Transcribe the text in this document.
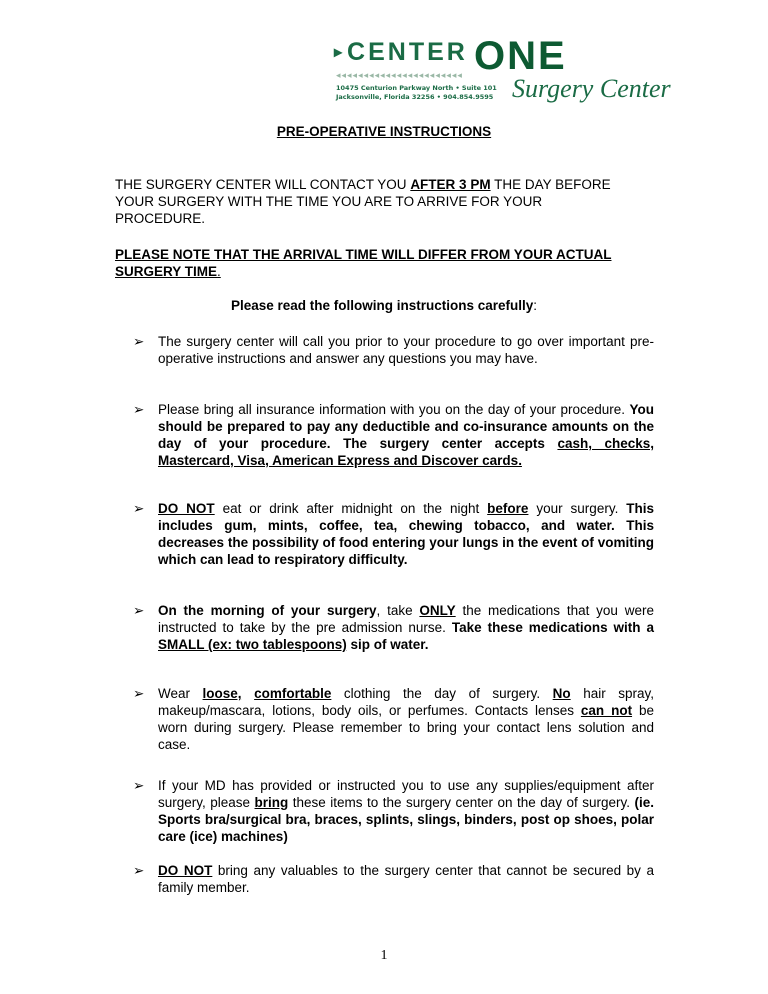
▸CENTER ONE
◂◂◂◂◂◂◂◂◂◂◂◂◂◂◂◂◂◂◂◂◂◂◂
10475 Centurion Parkway North • Suite 101
Jacksonville, Florida 32256 • 904.854.9595 Surgery Center
PRE-OPERATIVE INSTRUCTIONS
THE SURGERY CENTER WILL CONTACT YOU AFTER 3 PM THE DAY BEFORE YOUR SURGERY WITH THE TIME YOU ARE TO ARRIVE FOR YOUR PROCEDURE.
PLEASE NOTE THAT THE ARRIVAL TIME WILL DIFFER FROM YOUR ACTUAL SURGERY TIME.
Please read the following instructions carefully:
➢ The surgery center will call you prior to your procedure to go over important pre-operative instructions and answer any questions you may have.
➢ Please bring all insurance information with you on the day of your procedure. You should be prepared to pay any deductible and co-insurance amounts on the day of your procedure. The surgery center accepts cash, checks, Mastercard, Visa, American Express and Discover cards.
➢ DO NOT eat or drink after midnight on the night before your surgery. This includes gum, mints, coffee, tea, chewing tobacco, and water. This decreases the possibility of food entering your lungs in the event of vomiting which can lead to respiratory difficulty.
➢ On the morning of your surgery, take ONLY the medications that you were instructed to take by the pre admission nurse. Take these medications with a SMALL (ex: two tablespoons) sip of water.
➢ Wear loose, comfortable clothing the day of surgery. No hair spray, makeup/mascara, lotions, body oils, or perfumes. Contacts lenses can not be worn during surgery. Please remember to bring your contact lens solution and case.
➢ If your MD has provided or instructed you to use any supplies/equipment after surgery, please bring these items to the surgery center on the day of surgery. (ie. Sports bra/surgical bra, braces, splints, slings, binders, post op shoes, polar care (ice) machines)
➢ DO NOT bring any valuables to the surgery center that cannot be secured by a family member.
1
